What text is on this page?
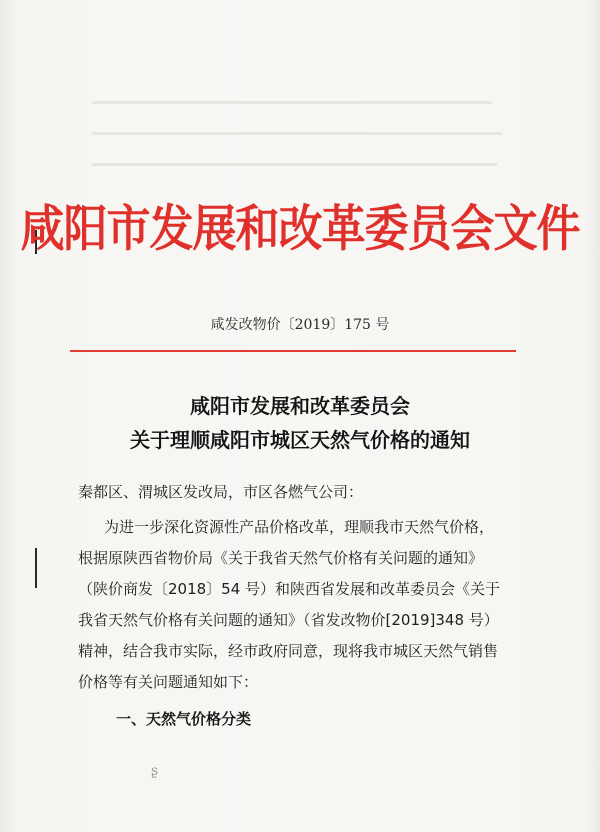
咸阳市发展和改革委员会文件
咸发改物价〔2019〕175 号
咸阳市发展和改革委员会
关于理顺咸阳市城区天然气价格的通知
秦都区、渭城区发改局，市区各燃气公司：
为进一步深化资源性产品价格改革，理顺我市天然气价格，
根据原陕西省物价局《关于我省天然气价格有关问题的通知》
（陕价商发〔2018〕54 号）和陕西省发展和改革委员会《关于
我省天然气价格有关问题的通知》（省发改物价[2019]348 号）
精神，结合我市实际，经市政府同意，现将我市城区天然气销售
价格等有关问题通知如下：
一、天然气价格分类
ʂ
